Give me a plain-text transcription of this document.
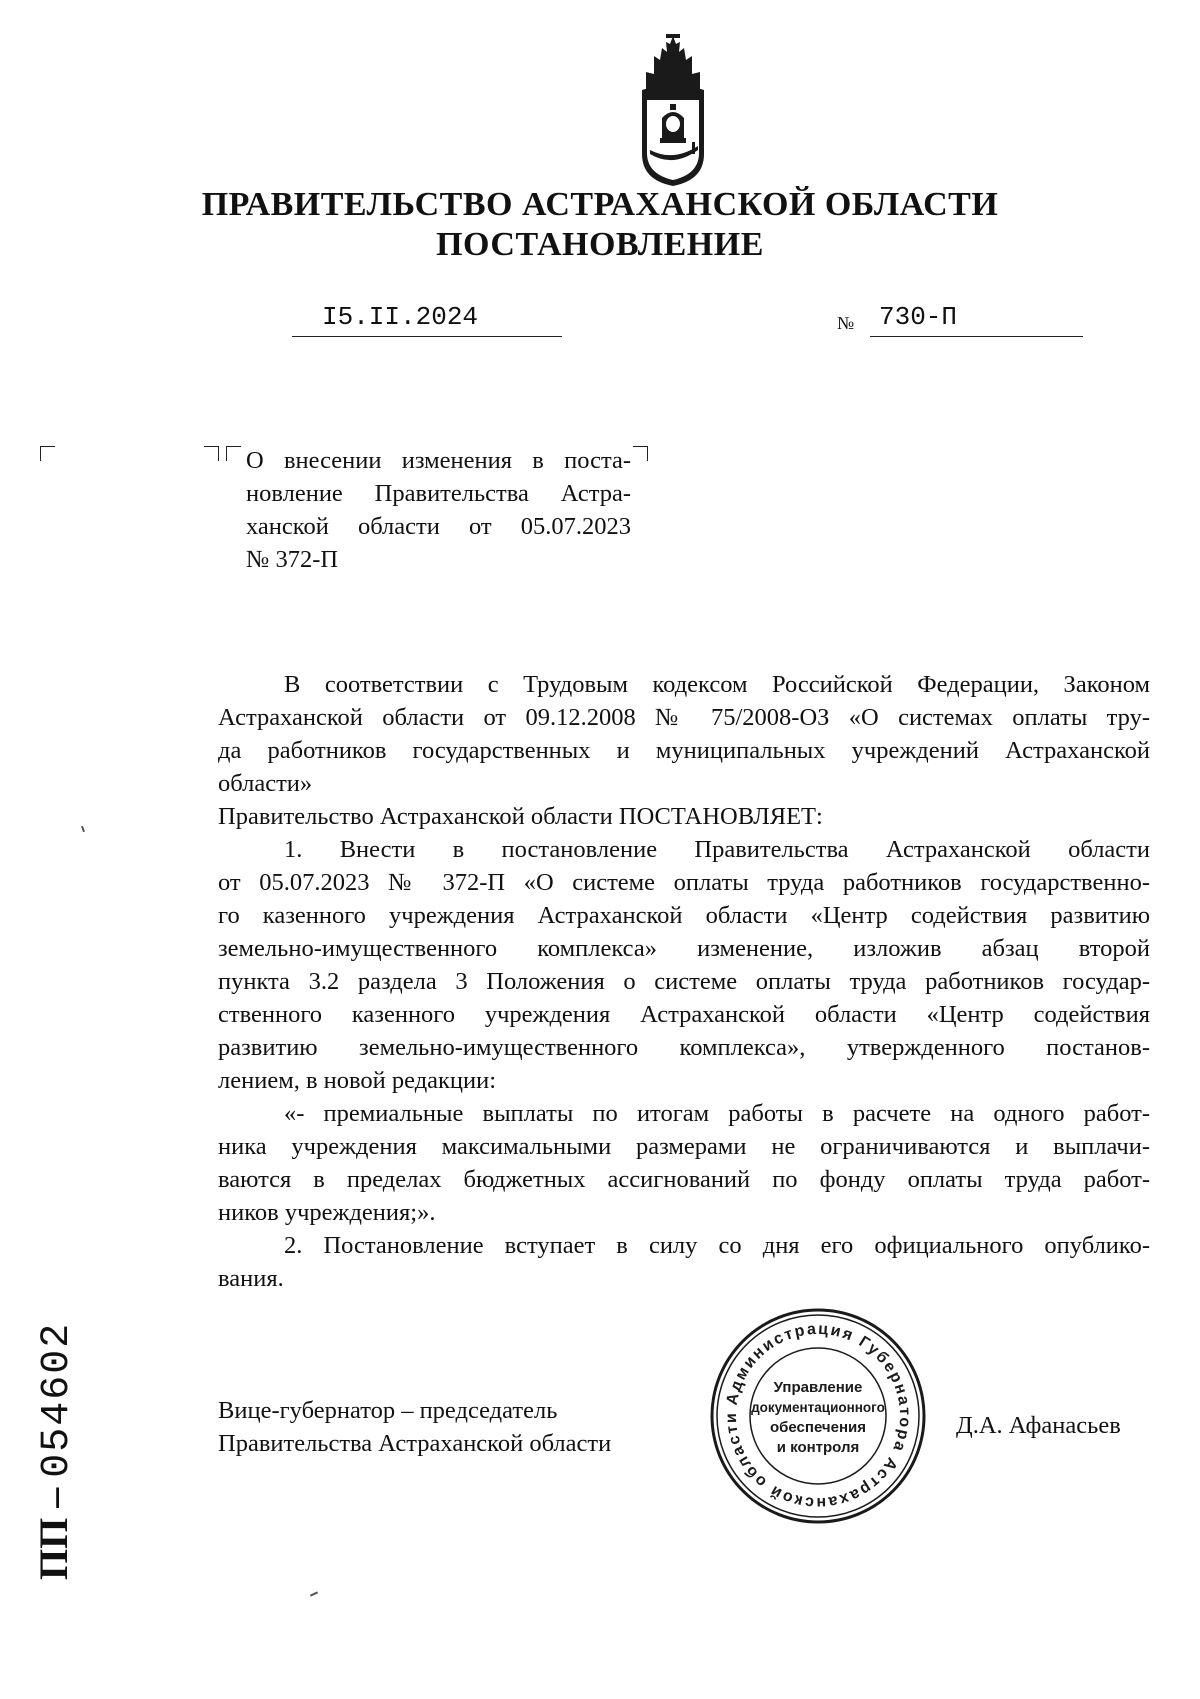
ПРАВИТЕЛЬСТВО АСТРАХАНСКОЙ ОБЛАСТИ
ПОСТАНОВЛЕНИЕ
I5.II.2024	№ 730-П
О внесении изменения в поста-
новление Правительства Астра-
ханской области от 05.07.2023
№ 372-П
В соответствии с Трудовым кодексом Российской Федерации, Законом
Астраханской области от 09.12.2008 № 75/2008-ОЗ «О системах оплаты тру-
да работников государственных и муниципальных учреждений Астраханской
области»
Правительство Астраханской области ПОСТАНОВЛЯЕТ:
1. Внести в постановление Правительства Астраханской области
от 05.07.2023 № 372-П «О системе оплаты труда работников государственно-
го казенного учреждения Астраханской области «Центр содействия развитию
земельно-имущественного комплекса» изменение, изложив абзац второй
пункта 3.2 раздела 3 Положения о системе оплаты труда работников государ-
ственного казенного учреждения Астраханской области «Центр содействия
развитию земельно-имущественного комплекса», утвержденного постанов-
лением, в новой редакции:
«- премиальные выплаты по итогам работы в расчете на одного работ-
ника учреждения максимальными размерами не ограничиваются и выплачи-
ваются в пределах бюджетных ассигнований по фонду оплаты труда работ-
ников учреждения;».
2. Постановление вступает в силу со дня его официального опублико-
вания.
Вице-губернатор – председатель
Правительства Астраханской области
Д.А. Афанасьев
Администрация Губернатора Астраханской области
Управление
документационного
обеспечения
и контроля
ПП – 054602
